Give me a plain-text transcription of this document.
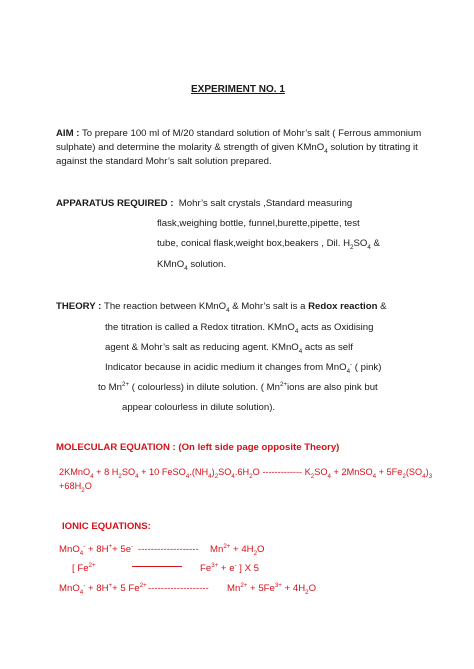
EXPERIMENT NO. 1
AIM : To prepare 100 ml of M/20 standard solution of Mohr’s salt ( Ferrous ammonium
sulphate) and determine the molarity & strength of given KMnO$_4$ solution by titrating it
against the standard Mohr’s salt solution prepared.
APPARATUS REQUIRED : Mohr’s salt crystals ,Standard measuring
flask,weighing bottle, funnel,burette,pipette, test
tube, conical flask,weight box,beakers , Dil. $H_2SO_4$ &
KMnO$_4$ solution.
THEORY : The reaction between KMnO$_4$ & Mohr’s salt is a Redox reaction &
the titration is called a Redox titration. KMnO$_4$ acts as Oxidising
agent & Mohr’s salt as reducing agent. KMnO$_4$ acts as self
Indicator because in acidic medium it changes from MnO$_4$- ( pink)
to $Mn^{2+}$ ( colourless) in dilute solution. ( $Mn^{2+}ions$ are also pink but
appear colourless in dilute solution).
MOLECULAR EQUATION : (On left side page opposite Theory)
2KMnO$_4$ + 8 $H_2SO_4 + 10$ $FeSO_4.(NH_4)_2SO_4.6H_2O$ ------------- $K_2SO_4$ + 2MnSO$_4$ + $5Fe_2(SO_4)_3$
$+68H_2O$
IONIC EQUATIONS:
MnO$_4$- + 8H++ 5e- ------------------- $Mn^{2+} + 4H_2O$
[ $Fe^{2+}$	$Fe^{3+} + e^-$ ] X 5
MnO$_4$- + 8H++ 5 $Fe^{2+}$ ------------------- $Mn^{2+} + 5Fe^{3+} + 4H_2O$
